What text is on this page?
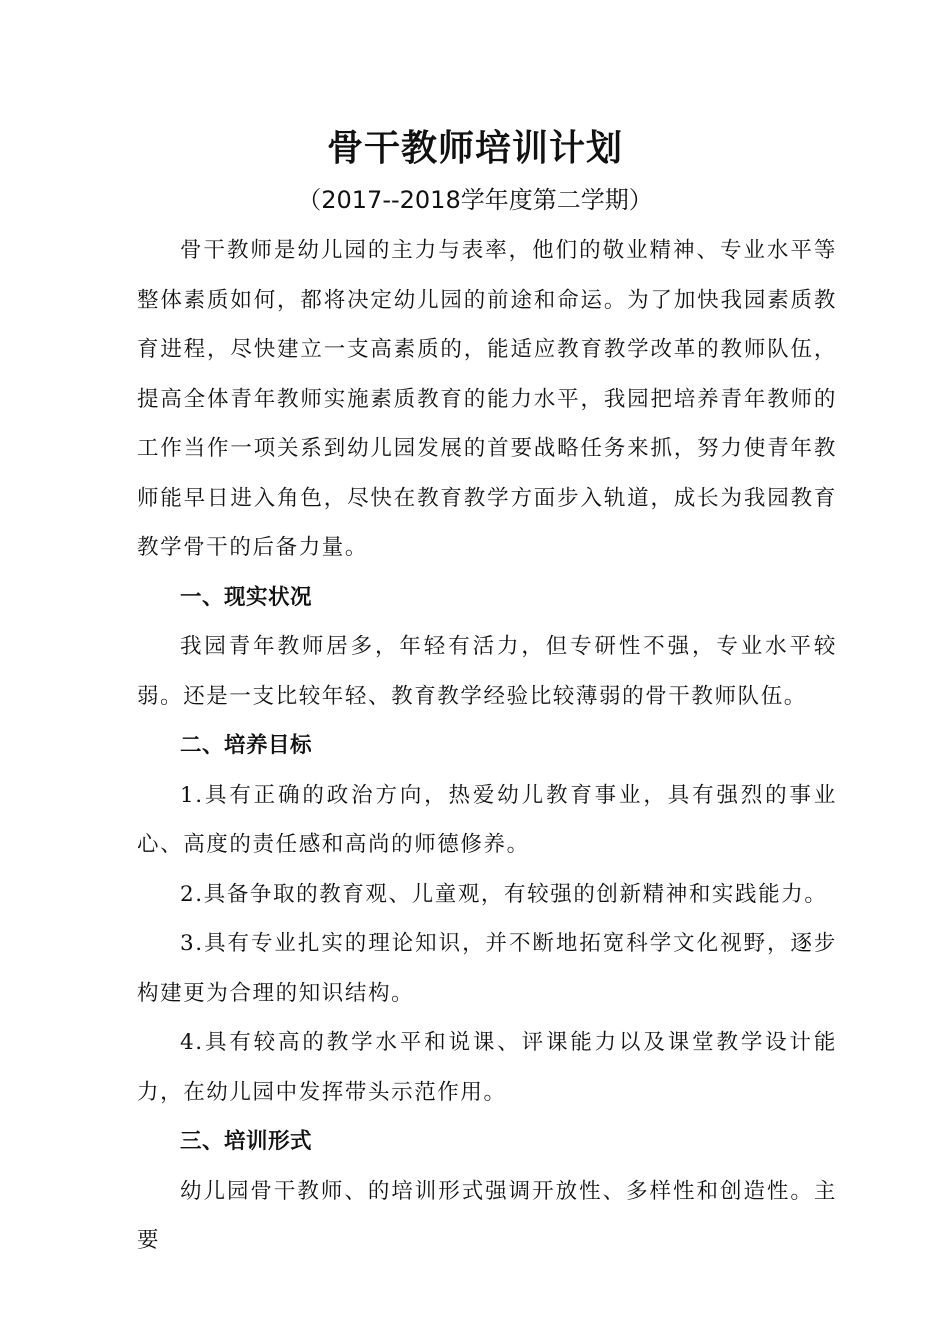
骨干教师培训计划
（2017--2018学年度第二学期）

骨干教师是幼儿园的主力与表率，他们的敬业精神、专业水平等整体素质如何，都将决定幼儿园的前途和命运。为了加快我园素质教育进程，尽快建立一支高素质的，能适应教育教学改革的教师队伍，提高全体青年教师实施素质教育的能力水平，我园把培养青年教师的工作当作一项关系到幼儿园发展的首要战略任务来抓，努力使青年教师能早日进入角色，尽快在教育教学方面步入轨道，成长为我园教育教学骨干的后备力量。

一、现实状况

我园青年教师居多，年轻有活力，但专研性不强，专业水平较弱。还是一支比较年轻、教育教学经验比较薄弱的骨干教师队伍。

二、培养目标

1.具有正确的政治方向，热爱幼儿教育事业，具有强烈的事业心、高度的责任感和高尚的师德修养。

2.具备争取的教育观、儿童观，有较强的创新精神和实践能力。

3.具有专业扎实的理论知识，并不断地拓宽科学文化视野，逐步构建更为合理的知识结构。

4.具有较高的教学水平和说课、评课能力以及课堂教学设计能力，在幼儿园中发挥带头示范作用。

三、培训形式

幼儿园骨干教师、的培训形式强调开放性、多样性和创造性。主要
